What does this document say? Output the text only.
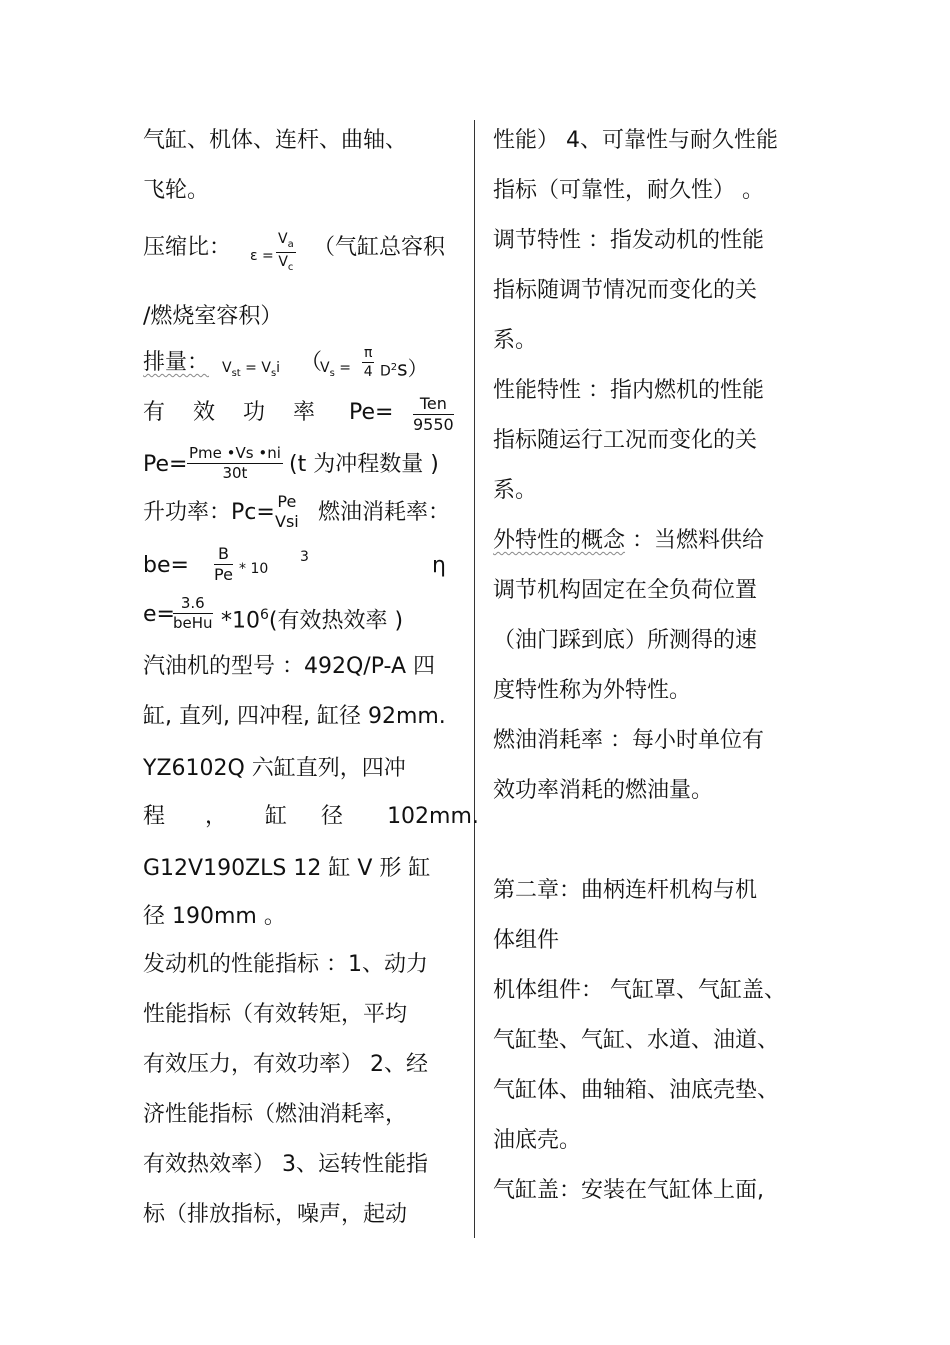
气缸、机体、连杆、曲轴、
飞轮。
压缩比： $\varepsilon = \frac{V_a}{V_c}$ （气缸总容积
/燃烧室容积）
排量： $V_{st} = V_si$ （
$V_s = \frac{\pi}{4} D^2s$）
有 效 功 率 Pe=	Ten
9550
Pe= Pme •Vs •ni
30t	(t 为冲程数量 )
升功率：Pc= Pe
Vsi 燃油消耗率：
$be= \frac{B}{Pe} * 10$
3	η
e= 3.6
beHu $*10^6$(有效热效率 )
汽油机的型号 ：492Q/P-A 四
缸, 直列, 四冲程, 缸径 92mm.
YZ6102Q 六缸直列，四冲
程 ， 缸 径 102mm.
G12V190ZLS 12 缸 V 形 缸
径 190mm 。
发动机的性能指标 ：1、动力
性能指标（有效转矩，平均
有效压力，有效功率） 2、经
济性能指标（燃油消耗率，
有效热效率） 3、运转性能指
标（排放指标，噪声，起动
性能） 4、可靠性与耐久性能
指标（可靠性，耐久性） 。
调节特性 ：指发动机的性能
指标随调节情况而变化的关
系。
性能特性 ：指内燃机的性能
指标随运行工况而变化的关
系。
外特性的概念 ：当燃料供给
调节机构固定在全负荷位置
（油门踩到底）所测得的速
度特性称为外特性。
燃油消耗率 ：每小时单位有
效功率消耗的燃油量。
第二章：曲柄连杆机构与机
体组件
机体组件： 气缸罩、气缸盖、
气缸垫、气缸、水道、油道、
气缸体、曲轴箱、油底壳垫、
油底壳。
气缸盖：安装在气缸体上面,
